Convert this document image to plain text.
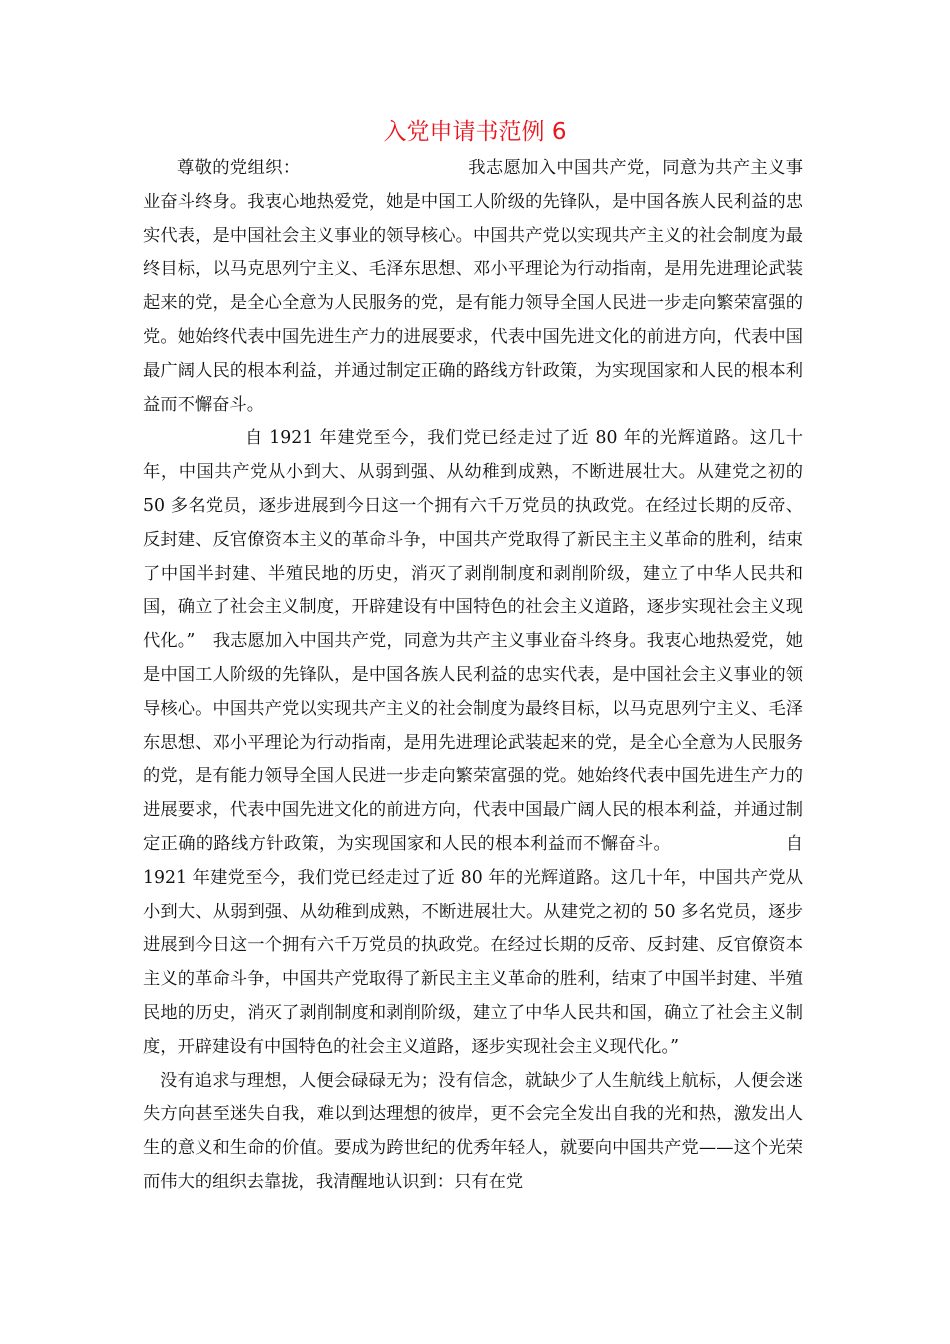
入党申请书范例 6

尊敬的党组织：　　　　　　　　　　我志愿加入中国共产党，同意为共产主义事业奋斗终身。我衷心地热爱党，她是中国工人阶级的先锋队，是中国各族人民利益的忠实代表，是中国社会主义事业的领导核心。中国共产党以实现共产主义的社会制度为最终目标，以马克思列宁主义、毛泽东思想、邓小平理论为行动指南，是用先进理论武装起来的党，是全心全意为人民服务的党，是有能力领导全国人民进一步走向繁荣富强的党。她始终代表中国先进生产力的进展要求，代表中国先进文化的前进方向，代表中国最广阔人民的根本利益，并通过制定正确的路线方针政策，为实现国家和人民的根本利益而不懈奋斗。

自 1921 年建党至今，我们党已经走过了近 80 年的光辉道路。这几十年，中国共产党从小到大、从弱到强、从幼稚到成熟，不断进展壮大。从建党之初的 50 多名党员，逐步进展到今日这一个拥有六千万党员的执政党。在经过长期的反帝、反封建、反官僚资本主义的革命斗争，中国共产党取得了新民主主义革命的胜利，结束了中国半封建、半殖民地的历史，消灭了剥削制度和剥削阶级，建立了中华人民共和国，确立了社会主义制度，开辟建设有中国特色的社会主义道路，逐步实现社会主义现代化。”　我志愿加入中国共产党，同意为共产主义事业奋斗终身。我衷心地热爱党，她是中国工人阶级的先锋队，是中国各族人民利益的忠实代表，是中国社会主义事业的领导核心。中国共产党以实现共产主义的社会制度为最终目标，以马克思列宁主义、毛泽东思想、邓小平理论为行动指南，是用先进理论武装起来的党，是全心全意为人民服务的党，是有能力领导全国人民进一步走向繁荣富强的党。她始终代表中国先进生产力的进展要求，代表中国先进文化的前进方向，代表中国最广阔人民的根本利益，并通过制定正确的路线方针政策，为实现国家和人民的根本利益而不懈奋斗。　　　　　　　自 1921 年建党至今，我们党已经走过了近 80 年的光辉道路。这几十年，中国共产党从小到大、从弱到强、从幼稚到成熟，不断进展壮大。从建党之初的 50 多名党员，逐步进展到今日这一个拥有六千万党员的执政党。在经过长期的反帝、反封建、反官僚资本主义的革命斗争，中国共产党取得了新民主主义革命的胜利，结束了中国半封建、半殖民地的历史，消灭了剥削制度和剥削阶级，建立了中华人民共和国，确立了社会主义制度，开辟建设有中国特色的社会主义道路，逐步实现社会主义现代化。”

没有追求与理想，人便会碌碌无为；没有信念，就缺少了人生航线上航标，人便会迷失方向甚至迷失自我，难以到达理想的彼岸，更不会完全发出自我的光和热，激发出人生的意义和生命的价值。要成为跨世纪的优秀年轻人，就要向中国共产党——这个光荣而伟大的组织去靠拢，我清醒地认识到：只有在党
